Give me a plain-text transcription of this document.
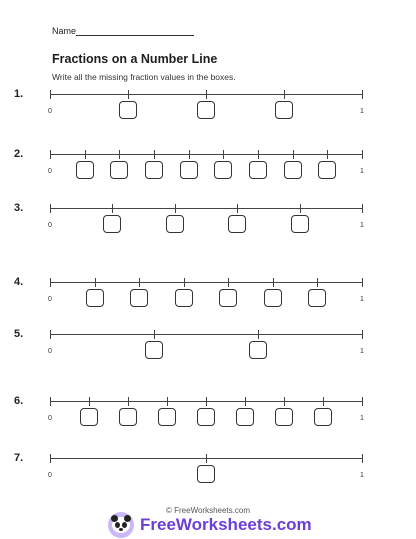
Name
Fractions on a Number Line
Write all the missing fraction values in the boxes.
1.
0	1
2.
0	1
3.
0	1
4.
0	1
5.
0	1
6.
0	1
7.
0	1
© FreeWorksheets.com
FreeWorksheets.com
